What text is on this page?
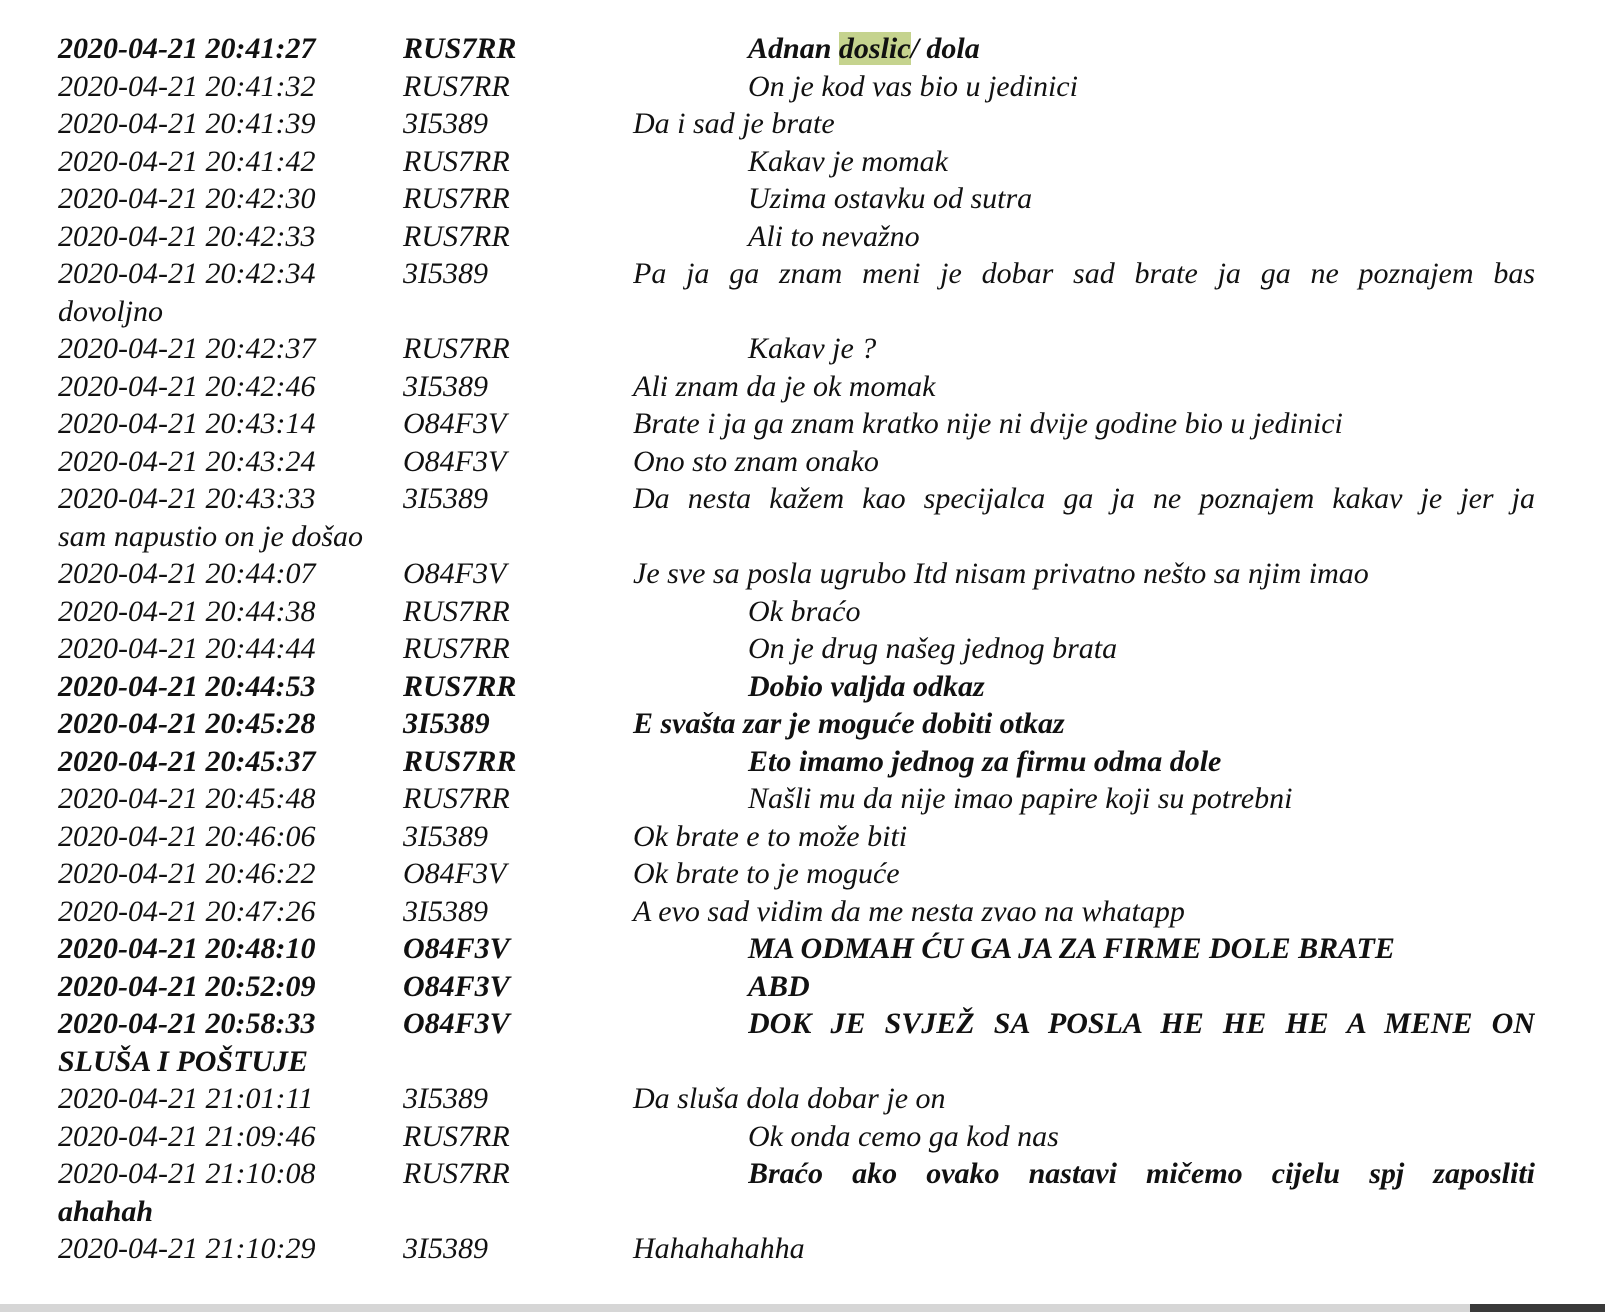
2020-04-21 20:41:27	RUS7RR	Adnan doslic/ dola
2020-04-21 20:41:32	RUS7RR	On je kod vas bio u jedinici
2020-04-21 20:41:39	3I5389	Da i sad je brate
2020-04-21 20:41:42	RUS7RR	Kakav je momak
2020-04-21 20:42:30	RUS7RR	Uzima ostavku od sutra
2020-04-21 20:42:33	RUS7RR	Ali to nevažno
2020-04-21 20:42:34	3I5389	Pa ja ga znam meni je dobar sad brate ja ga ne poznajem bas
dovoljno
2020-04-21 20:42:37	RUS7RR	Kakav je ?
2020-04-21 20:42:46	3I5389	Ali znam da je ok momak
2020-04-21 20:43:14	O84F3V	Brate i ja ga znam kratko nije ni dvije godine bio u jedinici
2020-04-21 20:43:24	O84F3V	Ono sto znam onako
2020-04-21 20:43:33	3I5389	Da nesta kažem kao specijalca ga ja ne poznajem kakav je jer ja
sam napustio on je došao
2020-04-21 20:44:07	O84F3V	Je sve sa posla ugrubo Itd nisam privatno nešto sa njim imao
2020-04-21 20:44:38	RUS7RR	Ok braćo
2020-04-21 20:44:44	RUS7RR	On je drug našeg jednog brata
2020-04-21 20:44:53	RUS7RR	Dobio valjda odkaz
2020-04-21 20:45:28	3I5389	E svašta zar je moguće dobiti otkaz
2020-04-21 20:45:37	RUS7RR	Eto imamo jednog za firmu odma dole
2020-04-21 20:45:48	RUS7RR	Našli mu da nije imao papire koji su potrebni
2020-04-21 20:46:06	3I5389	Ok brate e to može biti
2020-04-21 20:46:22	O84F3V	Ok brate to je moguće
2020-04-21 20:47:26	3I5389	A evo sad vidim da me nesta zvao na whatapp
2020-04-21 20:48:10	O84F3V	MA ODMAH ĆU GA JA ZA FIRME DOLE BRATE
2020-04-21 20:52:09	O84F3V	ABD
2020-04-21 20:58:33	O84F3V	DOK JE SVJEŽ SA POSLA HE HE HE A MENE ON
SLUŠA I POŠTUJE
2020-04-21 21:01:11	3I5389	Da sluša dola dobar je on
2020-04-21 21:09:46	RUS7RR	Ok onda cemo ga kod nas
2020-04-21 21:10:08	RUS7RR	Braćo ako ovako nastavi mičemo cijelu spj zaposliti
ahahah
2020-04-21 21:10:29	3I5389	Hahahahahha
